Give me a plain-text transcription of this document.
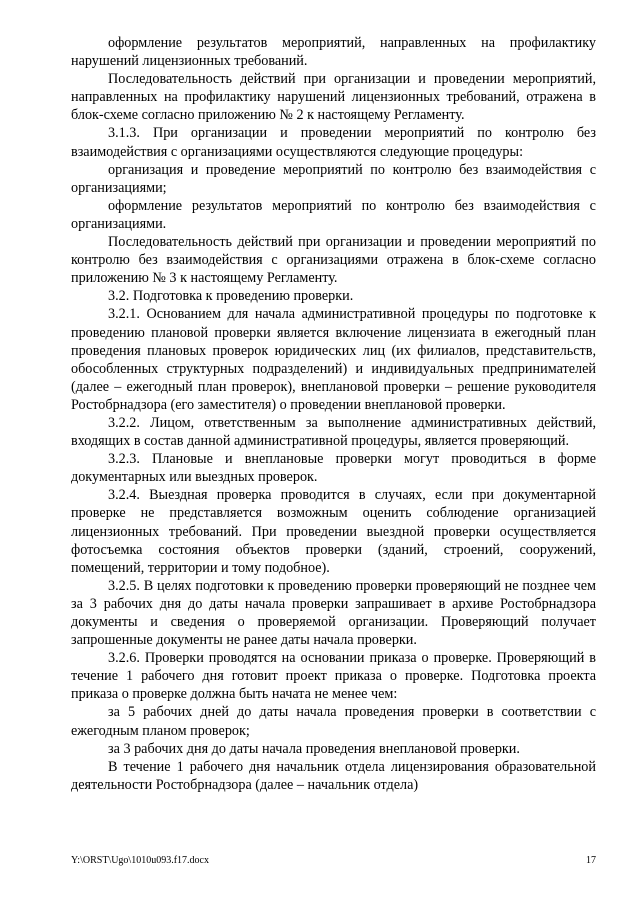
оформление результатов мероприятий, направленных на профилактику нарушений лицензионных требований.

Последовательность действий при организации и проведении мероприятий, направленных на профилактику нарушений лицензионных требований, отражена в блок-схеме согласно приложению № 2 к настоящему Регламенту.

3.1.3. При организации и проведении мероприятий по контролю без взаимодействия с организациями осуществляются следующие процедуры:

организация и проведение мероприятий по контролю без взаимодействия с организациями;

оформление результатов мероприятий по контролю без взаимодействия с организациями.

Последовательность действий при организации и проведении мероприятий по контролю без взаимодействия с организациями отражена в блок-схеме согласно приложению № 3 к настоящему Регламенту.

3.2. Подготовка к проведению проверки.

3.2.1. Основанием для начала административной процедуры по подготовке к проведению плановой проверки является включение лицензиата в ежегодный план проведения плановых проверок юридических лиц (их филиалов, представительств, обособленных структурных подразделений) и индивидуальных предпринимателей (далее – ежегодный план проверок), внеплановой проверки – решение руководителя Ростобрнадзора (его заместителя) о проведении внеплановой проверки.

3.2.2. Лицом, ответственным за выполнение административных действий, входящих в состав данной административной процедуры, является проверяющий.

3.2.3. Плановые и внеплановые проверки могут проводиться в форме документарных или выездных проверок.

3.2.4. Выездная проверка проводится в случаях, если при документарной проверке не представляется возможным оценить соблюдение организацией лицензионных требований. При проведении выездной проверки осуществляется фотосъемка состояния объектов проверки (зданий, строений, сооружений, помещений, территории и тому подобное).

3.2.5. В целях подготовки к проведению проверки проверяющий не позднее чем за 3 рабочих дня до даты начала проверки запрашивает в архиве Ростобрнадзора документы и сведения о проверяемой организации. Проверяющий получает запрошенные документы не ранее даты начала проверки.

3.2.6. Проверки проводятся на основании приказа о проверке. Проверяющий в течение 1 рабочего дня готовит проект приказа о проверке. Подготовка проекта приказа о проверке должна быть начата не менее чем:

за 5 рабочих дней до даты начала проведения проверки в соответствии с ежегодным планом проверок;

за 3 рабочих дня до даты начала проведения внеплановой проверки.

В течение 1 рабочего дня начальник отдела лицензирования образовательной деятельности Ростобрнадзора (далее – начальник отдела)

Y:\ORST\Ugo\1010u093.f17.docx	17
